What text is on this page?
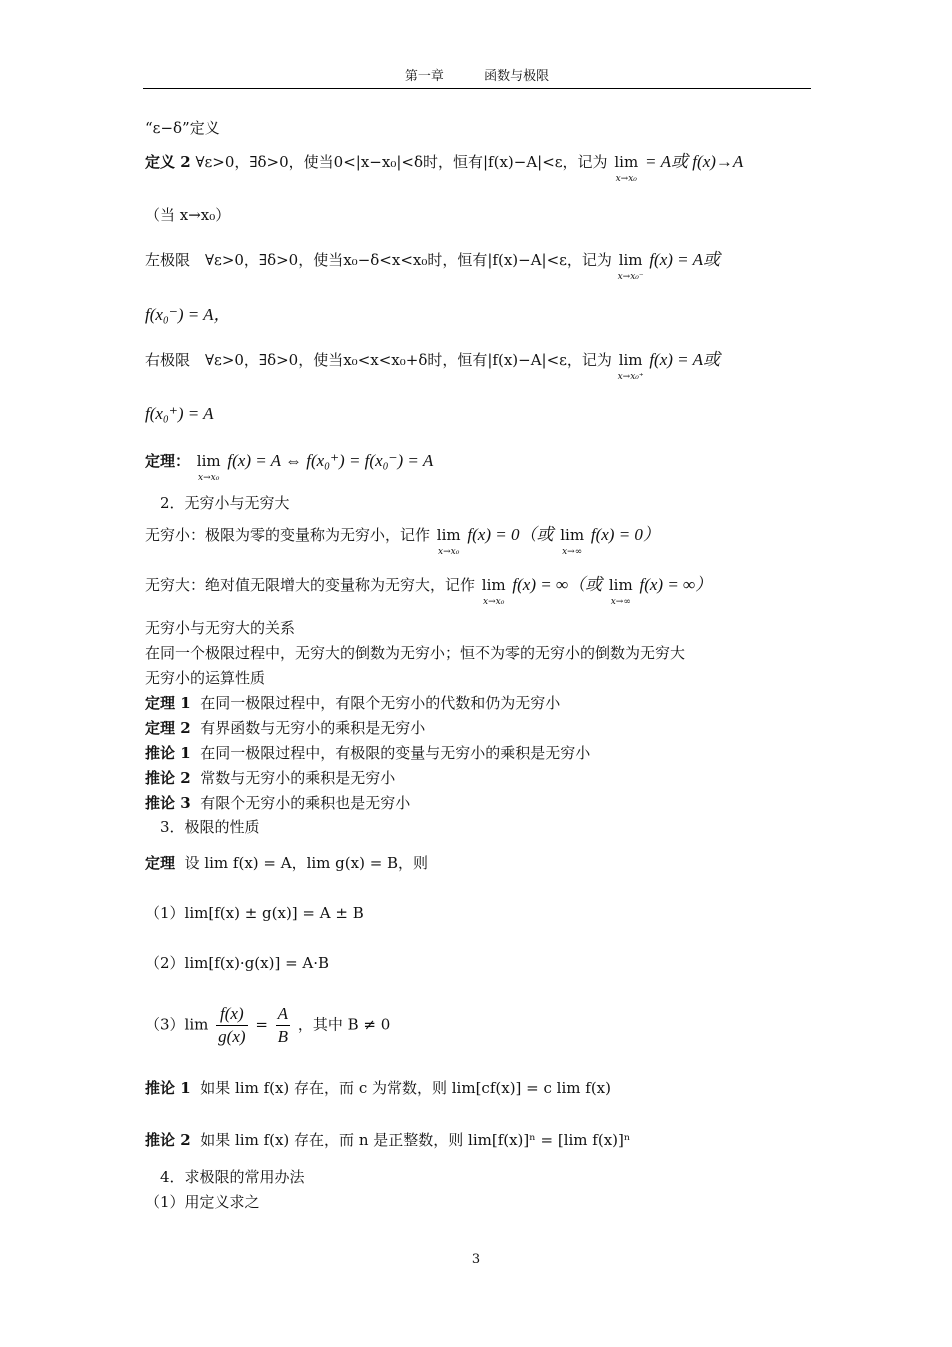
第一章	函数与极限
“ε−δ”定义
定义 2 ∀ε>0，∃δ>0，使当0<|x−x₀|<δ时，恒有|f(x)−A|<ε，记为 lim
x→x₀
= A或 f(x)→A
（当 x→x₀）
左极限　∀ε>0，∃δ>0，使当x₀−δ<x<x₀时，恒有|f(x)−A|<ε，记为 lim
x→x₀⁻
f(x) = A或
f(x₀⁻) = A，
右极限　∀ε>0，∃δ>0，使当x₀<x<x₀+δ时，恒有|f(x)−A|<ε，记为 lim
x→x₀⁺
f(x) = A或
f(x₀⁺) = A
定理： lim
x→x₀
f(x) = A ⇔ f(x₀⁺) = f(x₀⁻) = A
2．无穷小与无穷大
无穷小：极限为零的变量称为无穷小，记作 lim
x→x₀
f(x) = 0（或 lim
x→∞
f(x) = 0）
无穷大：绝对值无限增大的变量称为无穷大，记作 lim
x→x₀
f(x) = ∞（或 lim
x→∞
f(x) = ∞）
无穷小与无穷大的关系
在同一个极限过程中，无穷大的倒数为无穷小；恒不为零的无穷小的倒数为无穷大
无穷小的运算性质
定理 1 在同一极限过程中，有限个无穷小的代数和仍为无穷小
定理 2 有界函数与无穷小的乘积是无穷小
推论 1 在同一极限过程中，有极限的变量与无穷小的乘积是无穷小
推论 2 常数与无穷小的乘积是无穷小
推论 3 有限个无穷小的乘积也是无穷小
3．极限的性质
定理 设 lim f(x) = A，lim g(x) = B，则
（1）lim[f(x) ± g(x)] = A ± B
（2）lim[f(x)·g(x)] = A·B
$(3)\lim \frac{f(x)}{g(x)} = \frac{A}{B}$ ，其中 B ≠ 0
推论 1 如果 lim f(x) 存在，而 c 为常数，则 lim[cf(x)] = c lim f(x)
推论 2 如果 lim f(x) 存在，而 n 是正整数，则 lim[f(x)]ⁿ = [lim f(x)]ⁿ
4．求极限的常用办法
（1）用定义求之
3
